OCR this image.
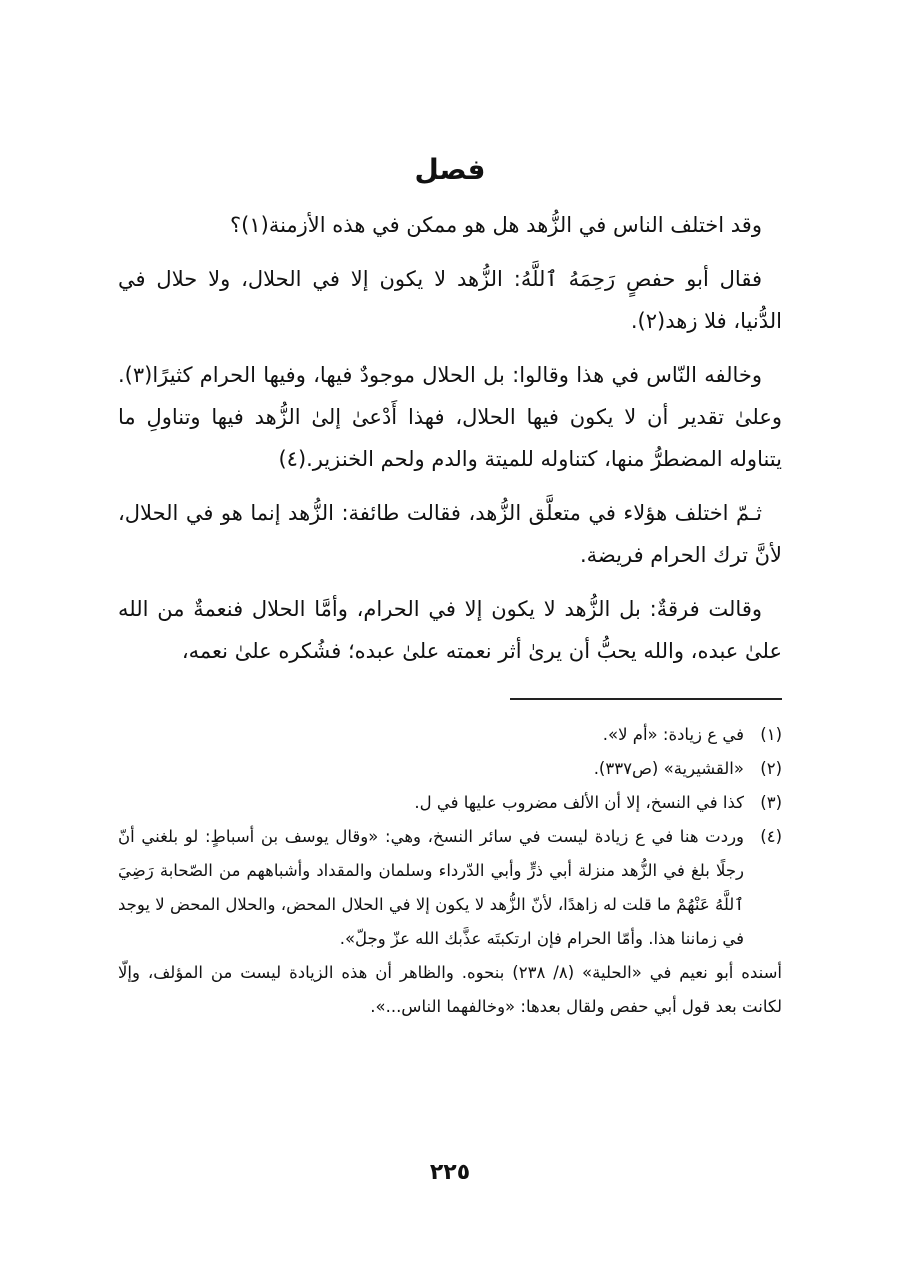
فصل

وقد اختلف الناس في الزُّهد هل هو ممكن في هذه الأزمنة(١)؟

فقال أبو حفصٍ رَحِمَهُ ٱللَّهُ: الزُّهد لا يكون إلا في الحلال، ولا حلال في الدُّنيا، فلا زهد(٢).

وخالفه النّاس في هذا وقالوا: بل الحلال موجودٌ فيها، وفيها الحرام كثيرًا(٣). وعلىٰ تقدير أن لا يكون فيها الحلال، فهذا أَدْعىٰ إلىٰ الزُّهد فيها وتناولِ ما يتناوله المضطرُّ منها، كتناوله للميتة والدم ولحم الخنزير.(٤)

ثـمّ اختلف هؤلاء في متعلَّق الزُّهد، فقالت طائفة: الزُّهد إنما هو في الحلال، لأنَّ ترك الحرام فريضة.

وقالت فرقةٌ: بل الزُّهد لا يكون إلا في الحرام، وأمَّا الحلال فنعمةٌ من الله علىٰ عبده، والله يحبُّ أن يرىٰ أثر نعمته علىٰ عبده؛ فشُكره علىٰ نعمه،

(١)
في ع زيادة: «أم لا».
(٢)
«القشيرية» (ص٣٣٧).
(٣)
كذا في النسخ، إلا أن الألف مضروب عليها في ل.
(٤)
وردت هنا في ع زيادة ليست في سائر النسخ، وهي: «وقال يوسف بن أسباطٍ: لو بلغني أنّ رجلًا بلغ في الزُّهد منزلة أبي ذرٍّ وأبي الدّرداء وسلمان والمقداد وأشباههم من الصّحابة رَضِيَ ٱللَّهُ عَنْهُمْ ما قلت له زاهدًا، لأنّ الزُّهد لا يكون إلا في الحلال المحض، والحلال المحض لا يوجد في زماننا هذا. وأمّا الحرام فإن ارتكبتَه عذَّبك الله عزّ وجلّ».

أسنده أبو نعيم في «الحلية» (٨/ ٢٣٨) بنحوه. والظاهر أن هذه الزيادة ليست من المؤلف، وإلّا لكانت بعد قول أبي حفص ولقال بعدها: «وخالفهما الناس...».

٢٢٥
